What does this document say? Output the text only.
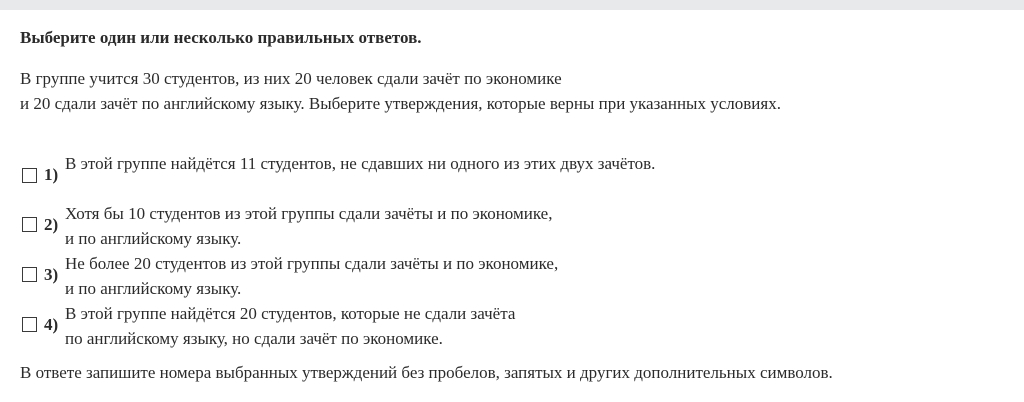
Выберите один или несколько правильных ответов.
В группе учится 30 студентов, из них 20 человек сдали зачёт по экономике
и 20 сдали зачёт по английскому языку. Выберите утверждения, которые верны при указанных условиях.
1)
В этой группе найдётся 11 студентов, не сдавших ни одного из этих двух зачётов.
2)
Хотя бы 10 студентов из этой группы сдали зачёты и по экономике,
и по английскому языку.
3)
Не более 20 студентов из этой группы сдали зачёты и по экономике,
и по английскому языку.
4)
В этой группе найдётся 20 студентов, которые не сдали зачёта
по английскому языку, но сдали зачёт по экономике.
В ответе запишите номера выбранных утверждений без пробелов, запятых и других дополнительных символов.
